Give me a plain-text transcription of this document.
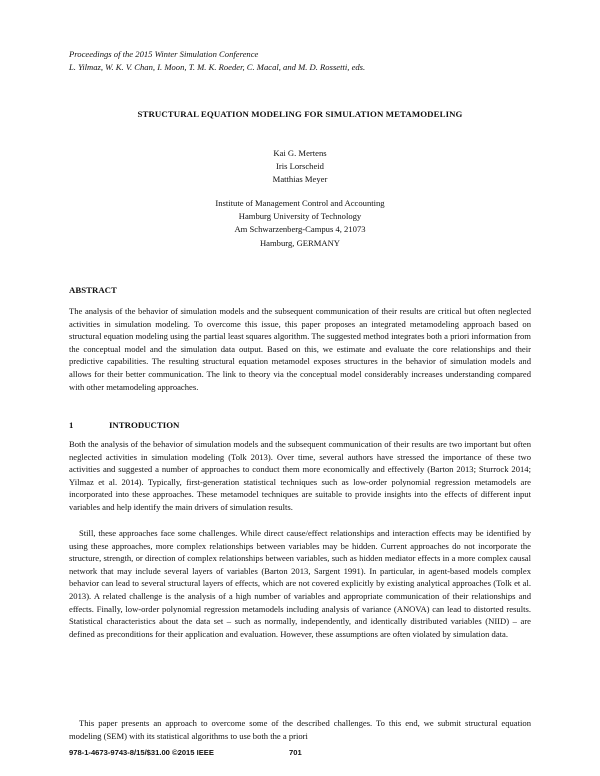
Proceedings of the 2015 Winter Simulation Conference
L. Yilmaz, W. K. V. Chan, I. Moon, T. M. K. Roeder, C. Macal, and M. D. Rossetti, eds.
STRUCTURAL EQUATION MODELING FOR SIMULATION METAMODELING
Kai G. Mertens
Iris Lorscheid
Matthias Meyer
Institute of Management Control and Accounting
Hamburg University of Technology
Am Schwarzenberg-Campus 4, 21073
Hamburg, GERMANY
ABSTRACT

The analysis of the behavior of simulation models and the subsequent communication of their results are critical but often neglected activities in simulation modeling. To overcome this issue, this paper proposes an integrated metamodeling approach based on structural equation modeling using the partial least squares algorithm. The suggested method integrates both a priori information from the conceptual model and the simulation data output. Based on this, we estimate and evaluate the core relationships and their predictive capabilities. The resulting structural equation metamodel exposes structures in the behavior of simulation models and allows for their better communication. The link to theory via the conceptual model considerably increases understanding compared with other metamodeling approaches.

1	INTRODUCTION

Both the analysis of the behavior of simulation models and the subsequent communication of their results are two important but often neglected activities in simulation modeling (Tolk 2013). Over time, several authors have stressed the importance of these two activities and suggested a number of approaches to conduct them more economically and effectively (Barton 2013; Sturrock 2014; Yilmaz et al. 2014). Typically, first-generation statistical techniques such as low-order polynomial regression metamodels are incorporated into these approaches. These metamodel techniques are suitable to provide insights into the effects of different input variables and help identify the main drivers of simulation results.

Still, these approaches face some challenges. While direct cause/effect relationships and interaction effects may be identified by using these approaches, more complex relationships between variables may be hidden. Current approaches do not incorporate the structure, strength, or direction of complex relationships between variables, such as hidden mediator effects in a more complex causal network that may include several layers of variables (Barton 2013, Sargent 1991). In particular, in agent-based models complex behavior can lead to several structural layers of effects, which are not covered explicitly by existing analytical approaches (Tolk et al. 2013). A related challenge is the analysis of a high number of variables and appropriate communication of their relationships and effects. Finally, low-order polynomial regression metamodels including analysis of variance (ANOVA) can lead to distorted results. Statistical characteristics about the data set – such as normally, independently, and identically distributed variables (NIID) – are defined as preconditions for their application and evaluation. However, these assumptions are often violated by simulation data.

This paper presents an approach to overcome some of the described challenges. To this end, we submit structural equation modeling (SEM) with its statistical algorithms to use both the a priori

978-1-4673-9743-8/15/$31.00 ©2015 IEEE	701
